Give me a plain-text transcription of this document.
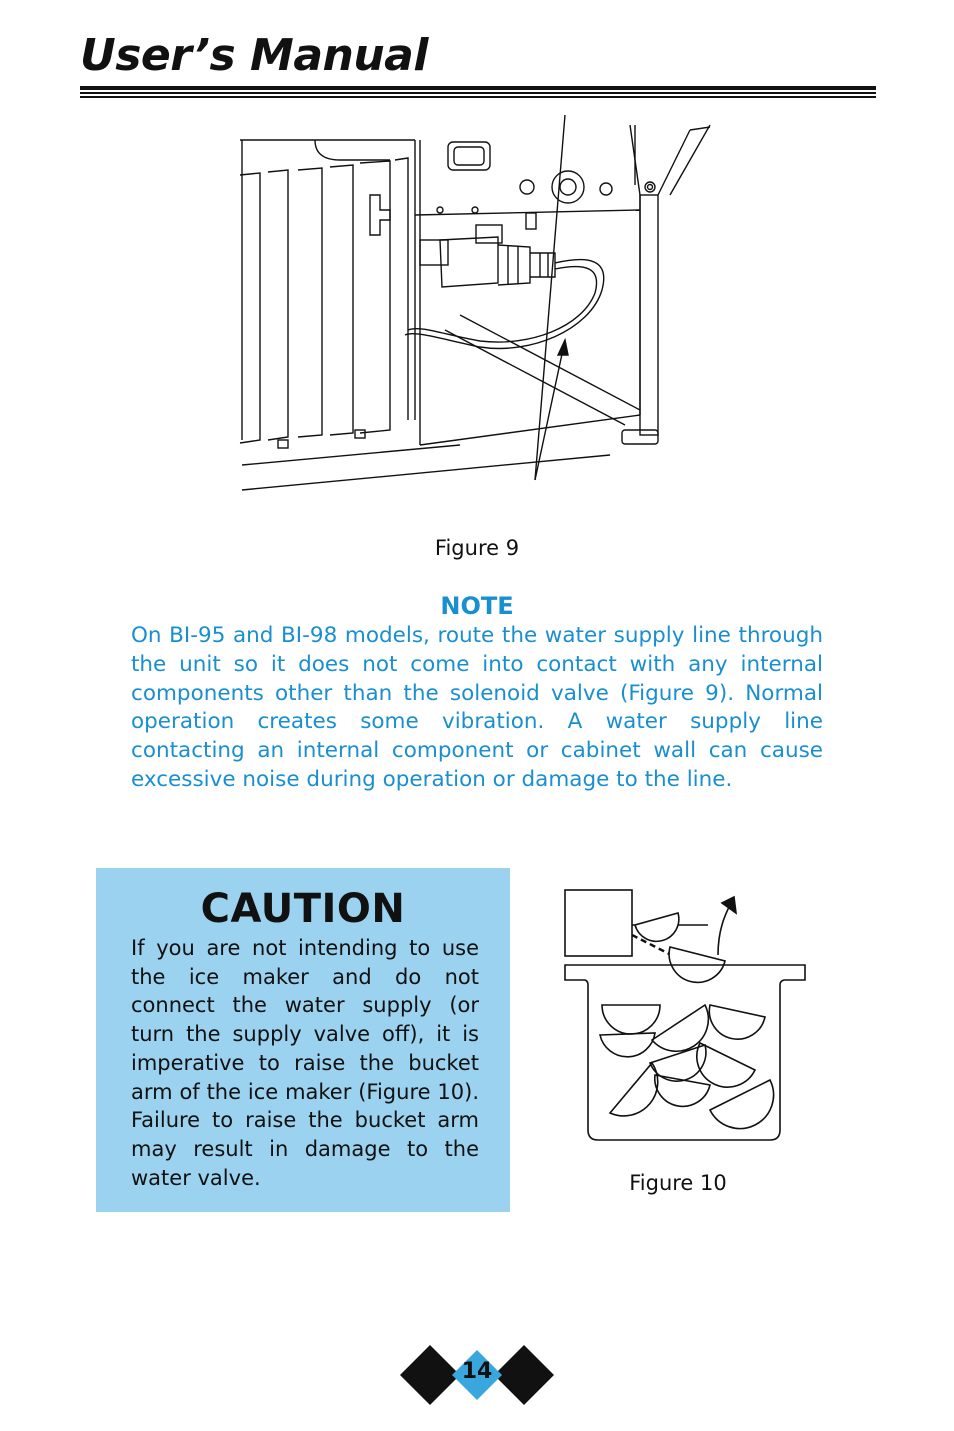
User’s Manual
Figure 9
NOTE
On BI-95 and BI-98 models, route the water supply line through the unit so it does not come into contact with any internal components other than the solenoid valve (Figure 9). Normal operation creates some vibration. A water supply line contacting an internal component or cabinet wall can cause excessive noise during operation or damage to the line.
CAUTION
If you are not intending to use the ice maker and do not connect the water supply (or turn the supply valve off), it is imperative to raise the bucket arm of the ice maker (Figure 10). Failure to raise the bucket arm may result in damage to the water valve.	Figure 10
14
